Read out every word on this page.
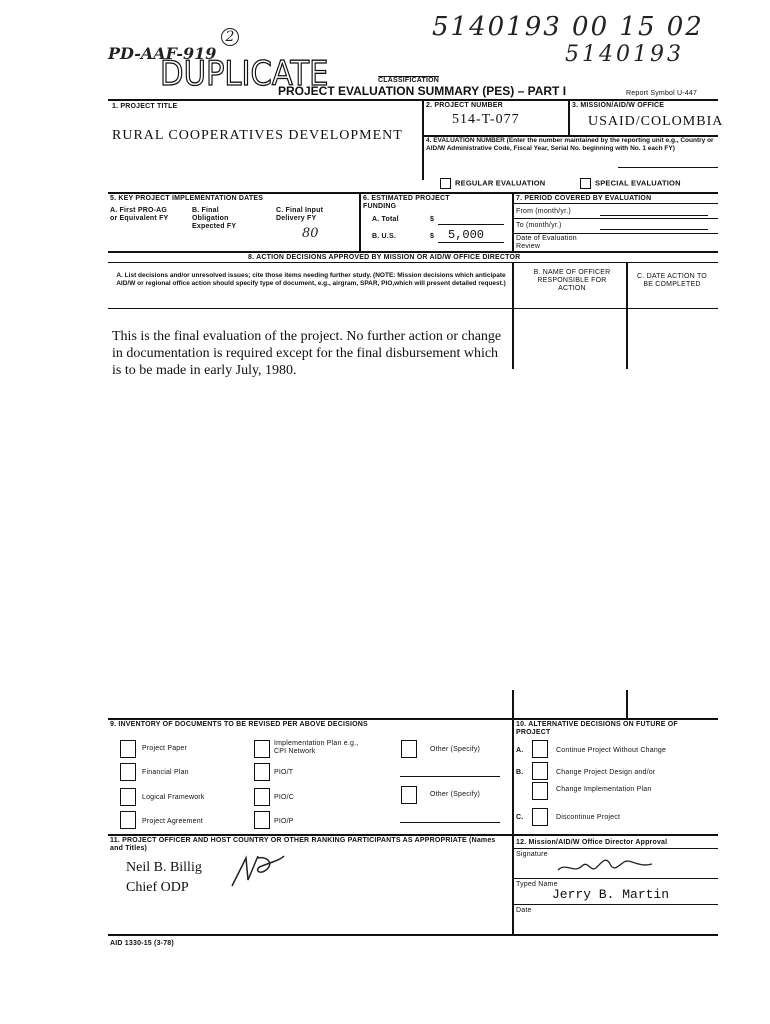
5140193 00 15 02
5140193
PD-AAF-919
2
DUPLICATE	CLASSIFICATION
PROJECT EVALUATION SUMMARY (PES) – PART I	Report Symbol U-447
1. PROJECT TITLE
RURAL COOPERATIVES DEVELOPMENT
2. PROJECT NUMBER
514-T-077
3. MISSION/AID/W OFFICE
USAID/COLOMBIA
4. EVALUATION NUMBER (Enter the number maintained by the reporting unit e.g., Country or AID/W Administrative Code, Fiscal Year, Serial No. beginning with No. 1 each FY)
REGULAR EVALUATION	SPECIAL EVALUATION
5. KEY PROJECT IMPLEMENTATION DATES
A. First PRO-AG or Equivalent FY
B. Final Obligation Expected FY
C. Final Input Delivery FY
80
6. ESTIMATED PROJECT FUNDING
A. Total	$
B. U.S.	$ 5,000
7. PERIOD COVERED BY EVALUATION
From (month/yr.)
To (month/yr.)
Date of Evaluation Review
8. ACTION DECISIONS APPROVED BY MISSION OR AID/W OFFICE DIRECTOR
A. List decisions and/or unresolved issues; cite those items needing further study. (NOTE: Mission decisions which anticipate AID/W or regional office action should specify type of document, e.g., airgram, SPAR, PIO,which will present detailed request.)
B. NAME OF OFFICER RESPONSIBLE FOR ACTION
C. DATE ACTION TO BE COMPLETED
This is the final evaluation of the project. No further action or change in documentation is required except for the final disbursement which is to be made in early July, 1980.
9. INVENTORY OF DOCUMENTS TO BE REVISED PER ABOVE DECISIONS
Project Paper
Financial Plan
Logical Framework
Project Agreement
Implementation Plan e.g., CPI Network
PIO/T
PIO/C
PIO/P
Other (Specify)
Other (Specify)
10. ALTERNATIVE DECISIONS ON FUTURE OF PROJECT
A.	Continue Project Without Change
B.	Change Project Design and/or
Change Implementation Plan
C.	Discontinue Project
11. PROJECT OFFICER AND HOST COUNTRY OR OTHER RANKING PARTICIPANTS AS APPROPRIATE (Names and Titles)
Neil B. Billig
Chief ODP
12. Mission/AID/W Office Director Approval
Signature
Typed Name
Jerry B. Martin
Date
AID 1330-15 (3-78)
